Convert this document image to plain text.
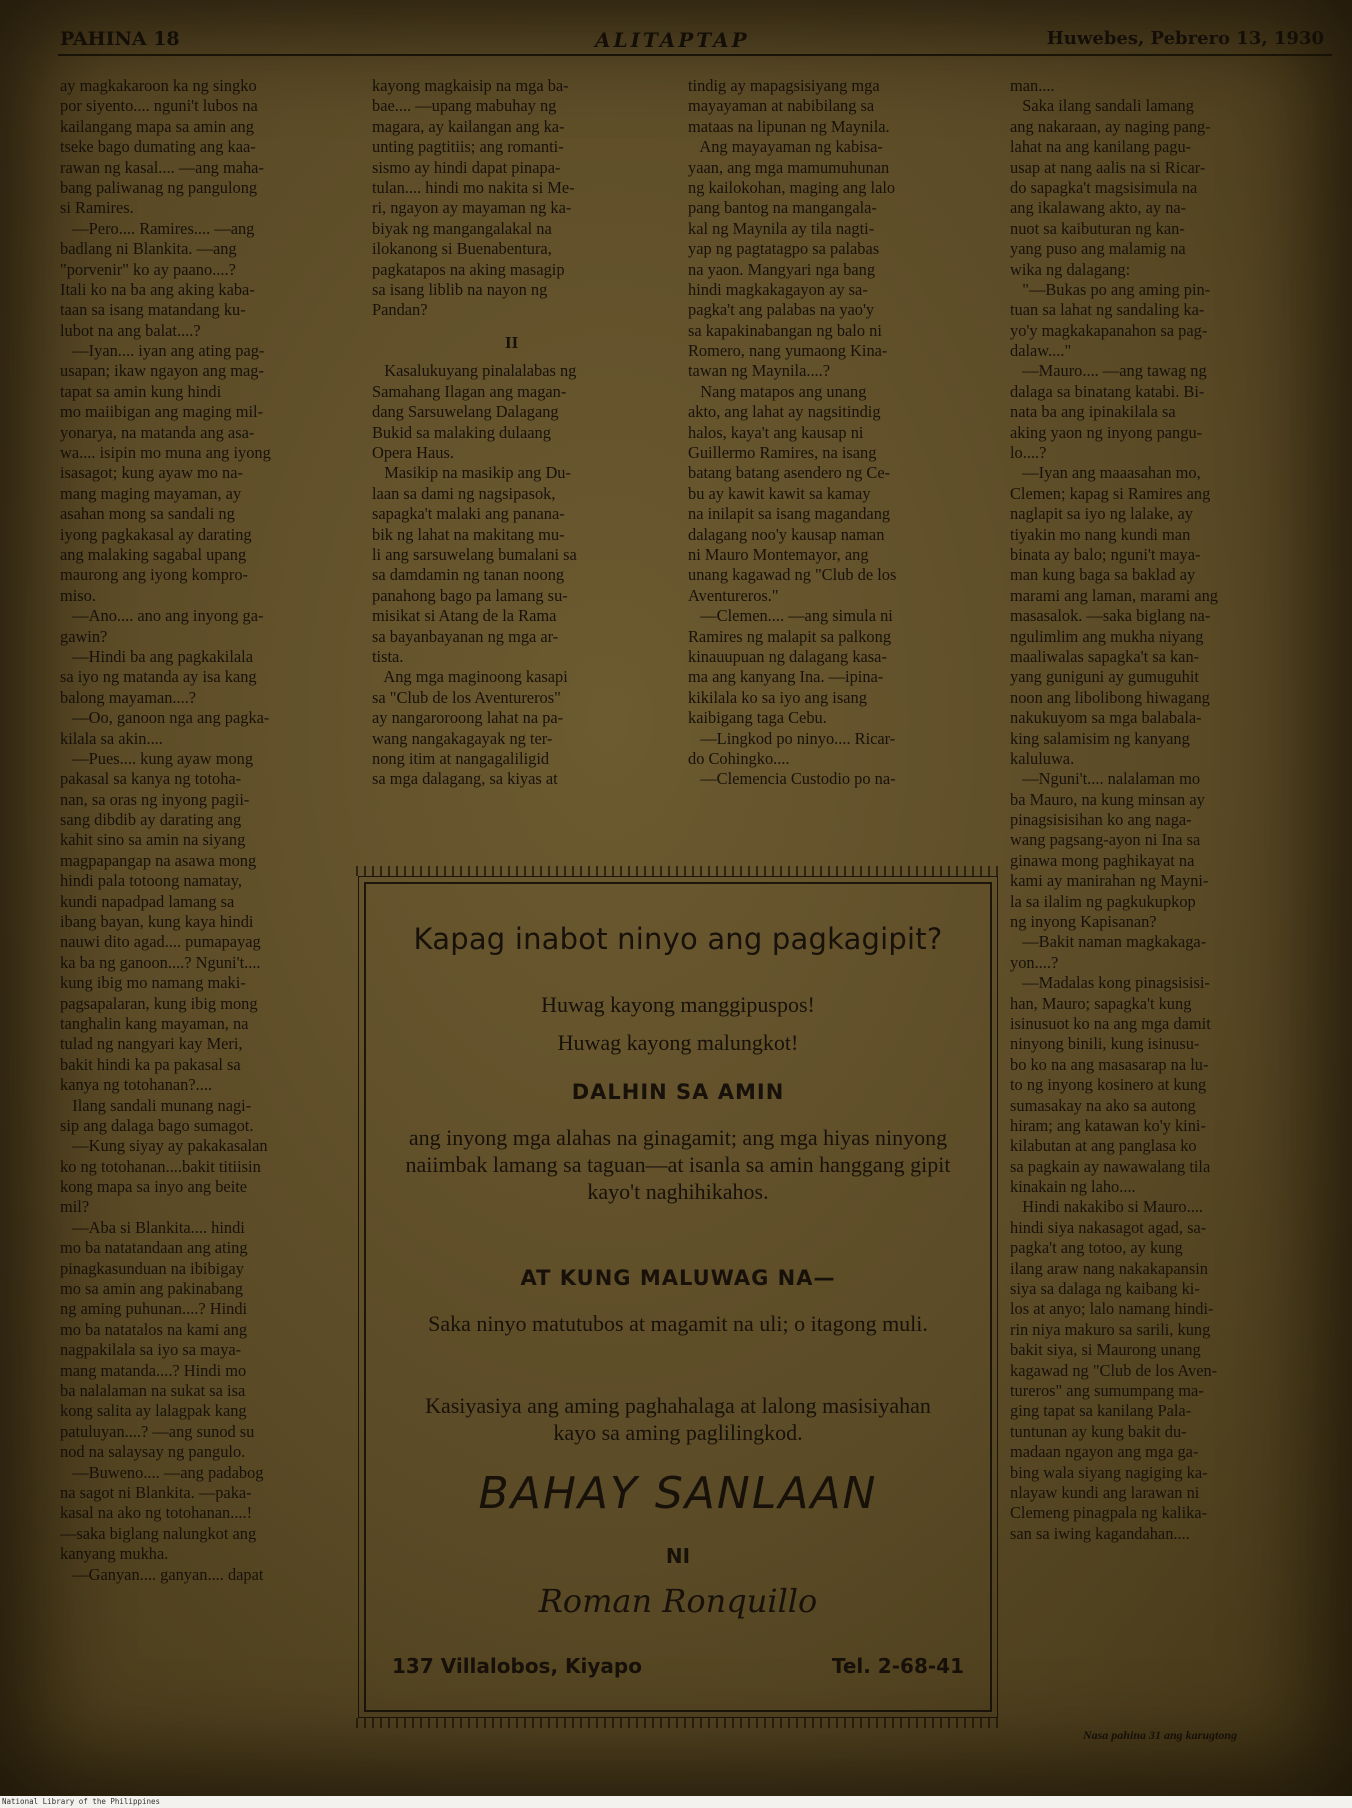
PAHINA 18	ALITAPTAP	Huwebes, Pebrero 13, 1930
ay magkakaroon ka ng singko
por siyento.... nguni't lubos na
kailangang mapa sa amin ang
tseke bago dumating ang kaa-
rawan ng kasal.... —ang maha-
bang paliwanag ng pangulong
si Ramires.
—Pero.... Ramires.... —ang
badlang ni Blankita. —ang
"porvenir" ko ay paano....?
Itali ko na ba ang aking kaba-
taan sa isang matandang ku-
lubot na ang balat....?
—Iyan.... iyan ang ating pag-
usapan; ikaw ngayon ang mag-
tapat sa amin kung hindi
mo maiibigan ang maging mil-
yonarya, na matanda ang asa-
wa.... isipin mo muna ang iyong
isasagot; kung ayaw mo na-
mang maging mayaman, ay
asahan mong sa sandali ng
iyong pagkakasal ay darating
ang malaking sagabal upang
maurong ang iyong kompro-
miso.
—Ano.... ano ang inyong ga-
gawin?
—Hindi ba ang pagkakilala
sa iyo ng matanda ay isa kang
balong mayaman....?
—Oo, ganoon nga ang pagka-
kilala sa akin....
—Pues.... kung ayaw mong
pakasal sa kanya ng totoha-
nan, sa oras ng inyong pagii-
sang dibdib ay darating ang
kahit sino sa amin na siyang
magpapangap na asawa mong
hindi pala totoong namatay,
kundi napadpad lamang sa
ibang bayan, kung kaya hindi
nauwi dito agad.... pumapayag
ka ba ng ganoon....? Nguni't....
kung ibig mo namang maki-
pagsapalaran, kung ibig mong
tanghalin kang mayaman, na
tulad ng nangyari kay Meri,
bakit hindi ka pa pakasal sa
kanya ng totohanan?....
Ilang sandali munang nagi-
sip ang dalaga bago sumagot.
—Kung siyay ay pakakasalan
ko ng totohanan....bakit titiisin
kong mapa sa inyo ang beite
mil?
—Aba si Blankita.... hindi
mo ba natatandaan ang ating
pinagkasunduan na ibibigay
mo sa amin ang pakinabang
ng aming puhunan....? Hindi
mo ba natatalos na kami ang
nagpakilala sa iyo sa maya-
mang matanda....? Hindi mo
ba nalalaman na sukat sa isa
kong salita ay lalagpak kang
patuluyan....? —ang sunod su
nod na salaysay ng pangulo.
—Buweno.... —ang padabog
na sagot ni Blankita. —paka-
kasal na ako ng totohanan....!
—saka biglang nalungkot ang
kanyang mukha.
—Ganyan.... ganyan.... dapat
kayong magkaisip na mga ba-
bae.... —upang mabuhay ng
magara, ay kailangan ang ka-
unting pagtitiis; ang romanti-
sismo ay hindi dapat pinapa-
tulan.... hindi mo nakita si Me-
ri, ngayon ay mayaman ng ka-
biyak ng mangangalakal na
ilokanong si Buenabentura,
pagkatapos na aking masagip
sa isang liblib na nayon ng
Pandan?
Kasalukuyang pinalalabas ng
Samahang Ilagan ang magan-
dang Sarsuwelang Dalagang
Bukid sa malaking dulaang
Opera Haus.
Masikip na masikip ang Du-
laan sa dami ng nagsipasok,
sapagka't malaki ang panana-
bik ng lahat na makitang mu-
li ang sarsuwelang bumalani sa
sa damdamin ng tanan noong
panahong bago pa lamang su-
misikat si Atang de la Rama
sa bayanbayanan ng mga ar-
tista.
Ang mga maginoong kasapi
sa "Club de los Aventureros"
ay nangaroroong lahat na pa-
wang nangakagayak ng ter-
nong itim at nangagaliligid
sa mga dalagang, sa kiyas at
tindig ay mapagsisiyang mga
mayayaman at nabibilang sa
mataas na lipunan ng Maynila.
Ang mayayaman ng kabisa-
yaan, ang mga mamumuhunan
ng kailokohan, maging ang lalo
pang bantog na mangangala-
kal ng Maynila ay tila nagti-
yap ng pagtatagpo sa palabas
na yaon. Mangyari nga bang
hindi magkakagayon ay sa-
pagka't ang palabas na yao'y
sa kapakinabangan ng balo ni
Romero, nang yumaong Kina-
tawan ng Maynila....?
Nang matapos ang unang
akto, ang lahat ay nagsitindig
halos, kaya't ang kausap ni
Guillermo Ramires, na isang
batang batang asendero ng Ce-
bu ay kawit kawit sa kamay
na inilapit sa isang magandang
dalagang noo'y kausap naman
ni Mauro Montemayor, ang
unang kagawad ng "Club de los
Aventureros."
—Clemen.... —ang simula ni
Ramires ng malapit sa palkong
kinauupuan ng dalagang kasa-
ma ang kanyang Ina. —ipina-
kikilala ko sa iyo ang isang
kaibigang taga Cebu.
—Lingkod po ninyo.... Ricar-
do Cohingko....
—Clemencia Custodio po na-
man....
Saka ilang sandali lamang
ang nakaraan, ay naging pang-
lahat na ang kanilang pagu-
usap at nang aalis na si Ricar-
do sapagka't magsisimula na
ang ikalawang akto, ay na-
nuot sa kaibuturan ng kan-
yang puso ang malamig na
wika ng dalagang:
"—Bukas po ang aming pin-
tuan sa lahat ng sandaling ka-
yo'y magkakapanahon sa pag-
dalaw...."
—Mauro.... —ang tawag ng
dalaga sa binatang katabi. Bi-
nata ba ang ipinakilala sa
aking yaon ng inyong pangu-
lo....?
—Iyan ang maaasahan mo,
Clemen; kapag si Ramires ang
naglapit sa iyo ng lalake, ay
tiyakin mo nang kundi man
binata ay balo; nguni't maya-
man kung baga sa baklad ay
marami ang laman, marami ang
masasalok. —saka biglang na-
ngulimlim ang mukha niyang
maaliwalas sapagka't sa kan-
yang guniguni ay gumuguhit
noon ang libolibong hiwagang
nakukuyom sa mga balabala-
king salamisim ng kanyang
kaluluwa.
—Nguni't.... nalalaman mo
ba Mauro, na kung minsan ay
pinagsisisihan ko ang naga-
wang pagsang-ayon ni Ina sa
ginawa mong paghikayat na
kami ay manirahan ng Mayni-
la sa ilalim ng pagkukupkop
ng inyong Kapisanan?
—Bakit naman magkakaga-
yon....?
—Madalas kong pinagsisisi-
han, Mauro; sapagka't kung
isinusuot ko na ang mga damit
ninyong binili, kung isinusu-
bo ko na ang masasarap na lu-
to ng inyong kosinero at kung
sumasakay na ako sa autong
hiram; ang katawan ko'y kini-
kilabutan at ang panglasa ko
sa pagkain ay nawawalang tila
kinakain ng laho....
Hindi nakakibo si Mauro....
hindi siya nakasagot agad, sa-
pagka't ang totoo, ay kung
ilang araw nang nakakapansin
siya sa dalaga ng kaibang ki-
los at anyo; lalo namang hindi-
rin niya makuro sa sarili, kung
bakit siya, si Maurong unang
kagawad ng "Club de los Aven-
tureros" ang sumumpang ma-
ging tapat sa kanilang Pala-
tuntunan ay kung bakit du-
madaan ngayon ang mga ga-
bing wala siyang nagiging ka-
nlayaw kundi ang larawan ni
Clemeng pinagpala ng kalika-
san sa iwing kagandahan....
II
Nasa pahina 31 ang karugtong
Kapag inabot ninyo ang pagkagipit?
Huwag kayong manggipuspos!
Huwag kayong malungkot!
DALHIN SA AMIN
ang inyong mga alahas na ginagamit; ang mga hiyas ninyong naiimbak lamang sa taguan—at isanla sa amin hanggang gipit kayo't naghihikahos.
AT KUNG MALUWAG NA—
Saka ninyo matutubos at magamit na uli; o itagong muli.
Kasiyasiya ang aming paghahalaga at lalong masisiyahan kayo sa aming paglilingkod.
BAHAY SANLAAN
NI
Roman Ronquillo
137 Villalobos, Kiyapo	Tel. 2-68-41
National Library of the Philippines
